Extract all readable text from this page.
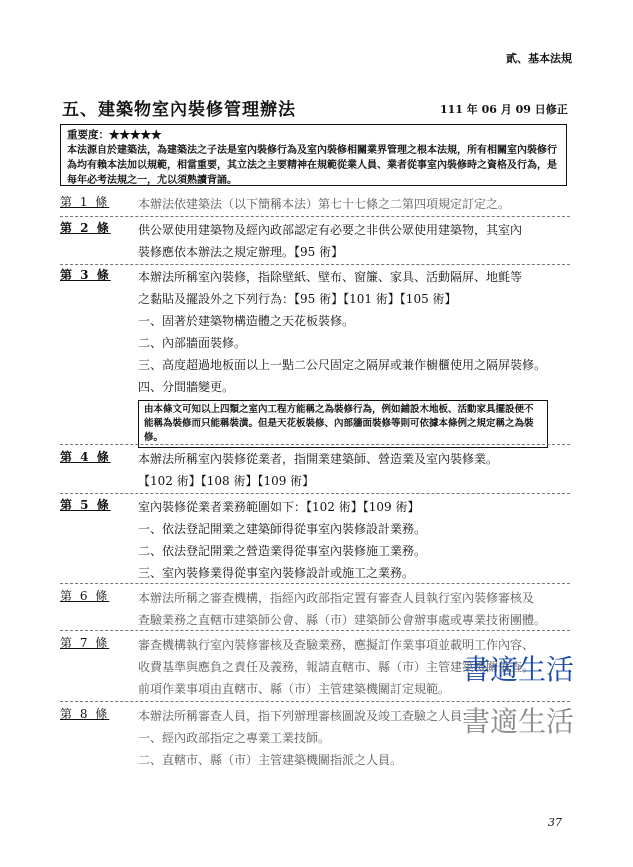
貳、基本法規
五、建築物室內裝修管理辦法	111 年 06 月 09 日修正
重要度：★★★★★
本法源自於建築法，為建築法之子法是室內裝修行為及室內裝修相關業界管理之根本法規，所有相關室內裝修行為均有賴本法加以規範，相當重要，其立法之主要精神在規範從業人員、業者從事室內裝修時之資格及行為，是每年必考法規之一，尤以須熟讀背誦。
第 1 條	本辦法依建築法（以下簡稱本法）第七十七條之二第四項規定訂定之。

第 2 條	供公眾使用建築物及經內政部認定有必要之非供公眾使用建築物，其室內

裝修應依本辦法之規定辦理。【95 術】

第 3 條	本辦法所稱室內裝修，指除壁紙、壁布、窗簾、家具、活動隔屏、地氈等

之黏貼及擺設外之下列行為：【95 術】【101 術】【105 術】

一、固著於建築物構造體之天花板裝修。

二、內部牆面裝修。

三、高度超過地板面以上一點二公尺固定之隔屏或兼作櫥櫃使用之隔屏裝修。

四、分間牆變更。

由本條文可知以上四類之室內工程方能稱之為裝修行為，例如鋪設木地板、活動家具擺設便不能稱為裝修而只能稱裝潢。但是天花板裝修、內部牆面裝修等則可依據本條例之規定稱之為裝修。
第 4 條	本辦法所稱室內裝修從業者，指開業建築師、營造業及室內裝修業。

【102 術】【108 術】【109 術】

第 5 條	室內裝修從業者業務範圍如下：【102 術】【109 術】

一、依法登記開業之建築師得從事室內裝修設計業務。

二、依法登記開業之營造業得從事室內裝修施工業務。

三、室內裝修業得從事室內裝修設計或施工之業務。

第 6 條	本辦法所稱之審查機構，指經內政部指定置有審查人員執行室內裝修審核及

查驗業務之直轄市建築師公會、縣（市）建築師公會辦事處或專業技術團體。

第 7 條	審查機構執行室內裝修審核及查驗業務，應擬訂作業事項並載明工作內容、

收費基準與應負之責任及義務，報請直轄市、縣（市）主管建築機關備查。

前項作業事項由直轄市、縣（市）主管建築機關訂定規範。

第 8 條	本辦法所稱審查人員，指下列辦理審核圖說及竣工查驗之人員：

一、經內政部指定之專業工業技師。

二、直轄市、縣（市）主管建築機關指派之人員。

書適生活
書適生活
37
